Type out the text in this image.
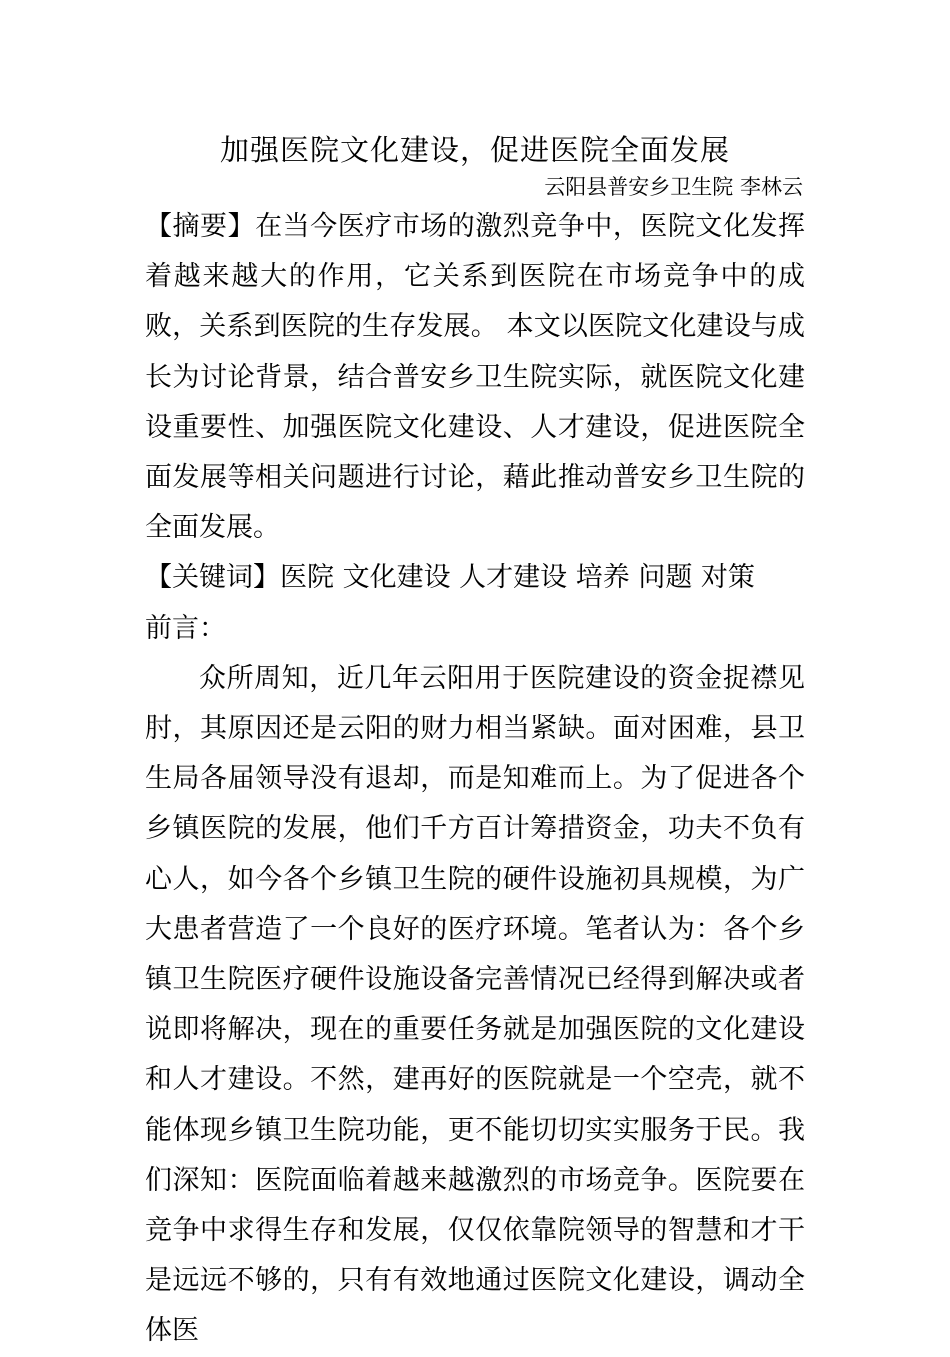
加强医院文化建设，促进医院全面发展
云阳县普安乡卫生院 李林云

【摘要】在当今医疗市场的激烈竞争中，医院文化发挥着越来越大的作用，它关系到医院在市场竞争中的成败，关系到医院的生存发展。 本文以医院文化建设与成长为讨论背景，结合普安乡卫生院实际，就医院文化建设重要性、加强医院文化建设、人才建设，促进医院全面发展等相关问题进行讨论，藉此推动普安乡卫生院的全面发展。

【关键词】医院 文化建设 人才建设 培养 问题 对策

前言：

众所周知，近几年云阳用于医院建设的资金捉襟见肘，其原因还是云阳的财力相当紧缺。面对困难，县卫生局各届领导没有退却，而是知难而上。为了促进各个乡镇医院的发展，他们千方百计筹措资金，功夫不负有心人，如今各个乡镇卫生院的硬件设施初具规模，为广大患者营造了一个良好的医疗环境。笔者认为：各个乡镇卫生院医疗硬件设施设备完善情况已经得到解决或者说即将解决，现在的重要任务就是加强医院的文化建设和人才建设。不然，建再好的医院就是一个空壳，就不能体现乡镇卫生院功能，更不能切切实实服务于民。我们深知：医院面临着越来越激烈的市场竞争。医院要在竞争中求得生存和发展，仅仅依靠院领导的智慧和才干是远远不够的，只有有效地通过医院文化建设，调动全体医
